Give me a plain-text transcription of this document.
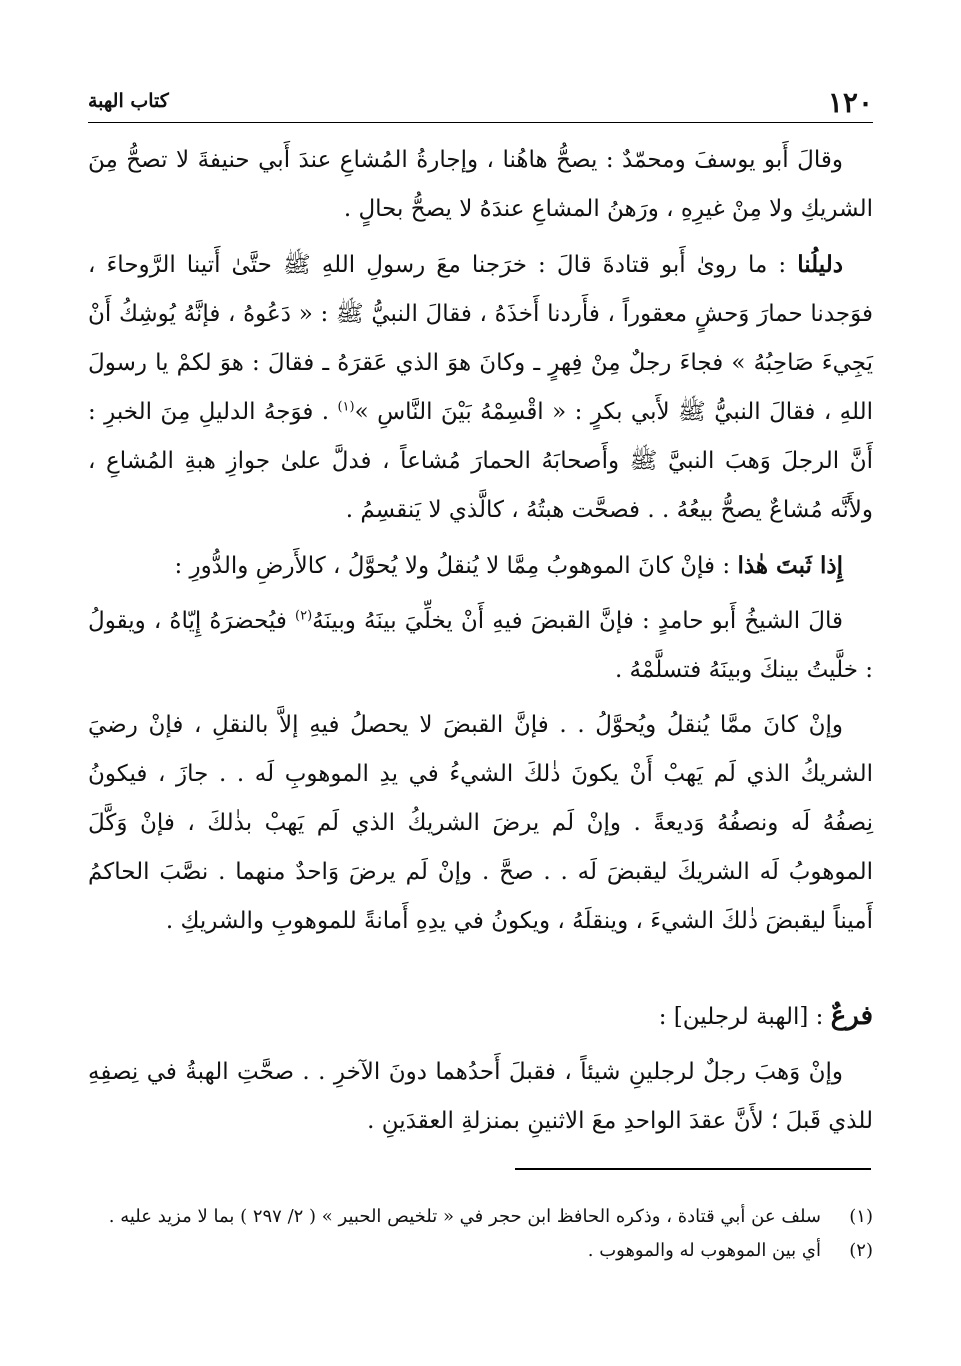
١٢٠
كتاب الهبة

وقالَ أَبو يوسفَ ومحمّدٌ : يصحُّ هاهُنا ، وإجارةُ المُشاعِ عندَ أَبي حنيفةَ لا تصحُّ مِنَ الشريكِ ولا مِنْ غيرِهِ ، ورَهنُ المشاعِ عندَهُ لا يصحُّ بحالٍ .

دليلُنا : ما روىٰ أَبو قتادةَ قالَ : خرَجنا معَ رسولِ اللهِ ﷺ حتَّىٰ أَتينا الرَّوحاءَ ، فوَجدنا حمارَ وَحشٍ معقوراً ، فأَردنا أَخذَهُ ، فقالَ النبيُّ ﷺ : « دَعُوهُ ، فإنَّهُ يُوشِكُ أَنْ يَجِيءَ صَاحِبُهُ » فجاءَ رجلٌ مِنْ فِهرٍ ـ وكانَ هوَ الذي عَقرَهُ ـ فقالَ : هوَ لكمْ يا رسولَ اللهِ ، فقالَ النبيُّ ﷺ لأَبي بكرٍ : « اقْسِمْهُ بَيْنَ النَّاسِ »$^{(١)}$ . فوَجهُ الدليلِ مِنَ الخبرِ : أَنَّ الرجلَ وَهبَ النبيَّ ﷺ وأَصحابَهُ الحمارَ مُشاعاً ، فدلَّ علىٰ جوازِ هبةِ المُشاعِ ، ولأَنَّه مُشاعٌ يصحُّ بيعُهُ . . فصحَّت هبتُهُ ، كالَّذي لا يَنقسِمُ .

إِذا ثَبتَ هٰذا : فإنْ كانَ الموهوبُ مِمَّا لا يُنقلُ ولا يُحوَّلُ ، كالأَرضِ والدُّورِ :

قالَ الشيخُ أَبو حامدٍ : فإنَّ القبضَ فيهِ أَنْ يخلِّيَ بينَهُ وبينَهُ$^{(٢)}$ فيُحضرَهُ إِيّاهُ ، ويقولُ : خلَّيتُ بينكَ وبينَهُ فتسلَّمْهُ .

وإنْ كانَ ممَّا يُنقلُ ويُحوَّلُ . . فإنَّ القبضَ لا يحصلُ فيهِ إلاَّ بالنقلِ ، فإنْ رضيَ الشريكُ الذي لَم يَهبْ أَنْ يكونَ ذٰلكَ الشيءُ في يدِ الموهوبِ لَه . . جازَ ، فيكونُ نِصفُهُ لَه ونصفُهُ وَديعةً . وإنْ لَم يرضَ الشريكُ الذي لَم يَهبْ بذٰلكَ ، فإنْ وَكَّلَ الموهوبُ لَه الشريكَ ليقبضَ لَه . . صحَّ . وإنْ لَم يرضَ وَاحدٌ منهما . نصَّبَ الحاكمُ أَميناً ليقبضَ ذٰلكَ الشيءَ ، وينقلَهُ ، ويكونُ في يدِهِ أَمانةً للموهوبِ والشريكِ .

فرعٌ : [الهبة لرجلين] :

وإنْ وَهبَ رجلٌ لرجلينِ شيئاً ، فقبلَ أَحدُهما دونَ الآخرِ . . صحَّتِ الهبةُ في نِصفِهِ للذي قَبلَ ؛ لأَنَّ عقدَ الواحدِ معَ الاثنينِ بمنزلةِ العقدَينِ .

(١)
سلف عن أبي قتادة ، وذكره الحافظ ابن حجر في « تلخيص الحبير » ( ٢/ ٢٩٧ ) بما لا مزيد عليه .
(٢)
أي بين الموهوب له والموهوب .
